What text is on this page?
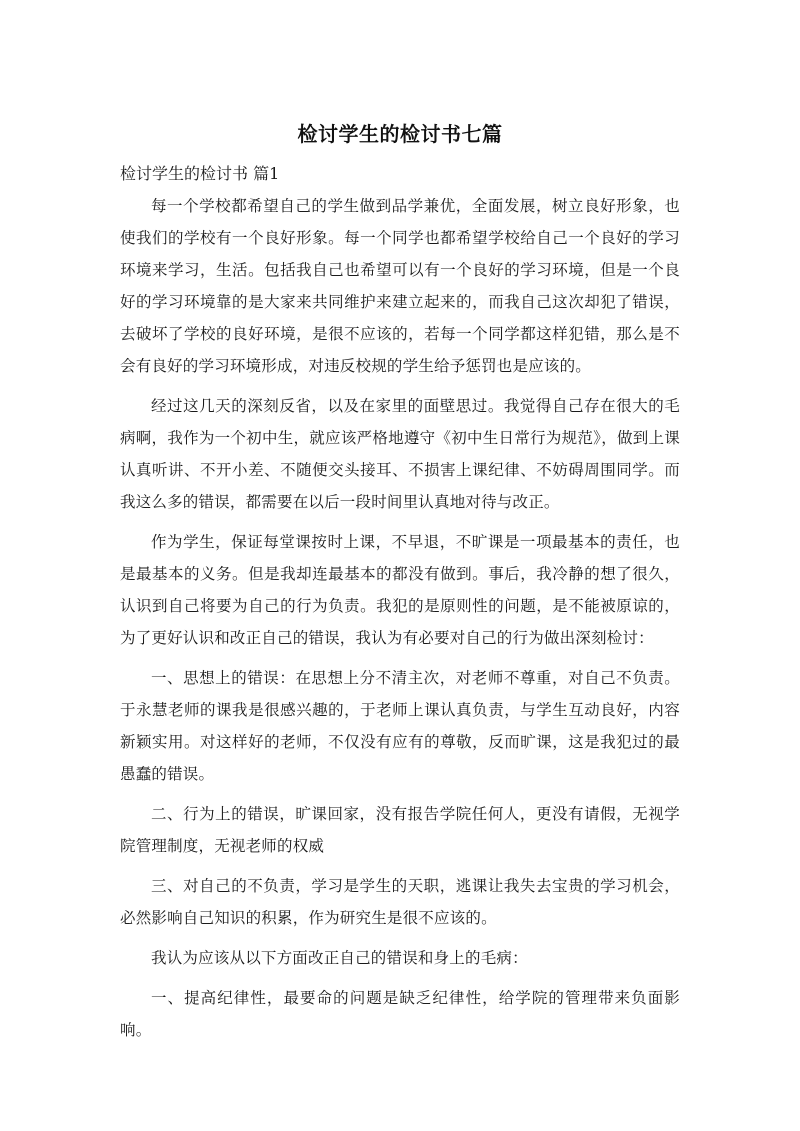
检讨学生的检讨书七篇
检讨学生的检讨书 篇1

每一个学校都希望自己的学生做到品学兼优，全面发展，树立良好形象，也使我们的学校有一个良好形象。每一个同学也都希望学校给自己一个良好的学习环境来学习，生活。包括我自己也希望可以有一个良好的学习环境，但是一个良好的学习环境靠的是大家来共同维护来建立起来的，而我自己这次却犯了错误，去破坏了学校的良好环境，是很不应该的，若每一个同学都这样犯错，那么是不会有良好的学习环境形成，对违反校规的学生给予惩罚也是应该的。

经过这几天的深刻反省，以及在家里的面壁思过。我觉得自己存在很大的毛病啊，我作为一个初中生，就应该严格地遵守《初中生日常行为规范》，做到上课认真听讲、不开小差、不随便交头接耳、不损害上课纪律、不妨碍周围同学。而我这么多的错误，都需要在以后一段时间里认真地对待与改正。

作为学生，保证每堂课按时上课，不早退，不旷课是一项最基本的责任，也是最基本的义务。但是我却连最基本的都没有做到。事后，我冷静的想了很久，认识到自己将要为自己的行为负责。我犯的是原则性的问题，是不能被原谅的，为了更好认识和改正自己的错误，我认为有必要对自己的行为做出深刻检讨：

一、思想上的错误：在思想上分不清主次，对老师不尊重，对自己不负责。于永慧老师的课我是很感兴趣的，于老师上课认真负责，与学生互动良好，内容新颖实用。对这样好的老师，不仅没有应有的尊敬，反而旷课，这是我犯过的最愚蠢的错误。

二、行为上的错误，旷课回家，没有报告学院任何人，更没有请假，无视学院管理制度，无视老师的权威

三、对自己的不负责，学习是学生的天职，逃课让我失去宝贵的学习机会，必然影响自己知识的积累，作为研究生是很不应该的。

我认为应该从以下方面改正自己的错误和身上的毛病：

一、提高纪律性，最要命的问题是缺乏纪律性，给学院的管理带来负面影响。
